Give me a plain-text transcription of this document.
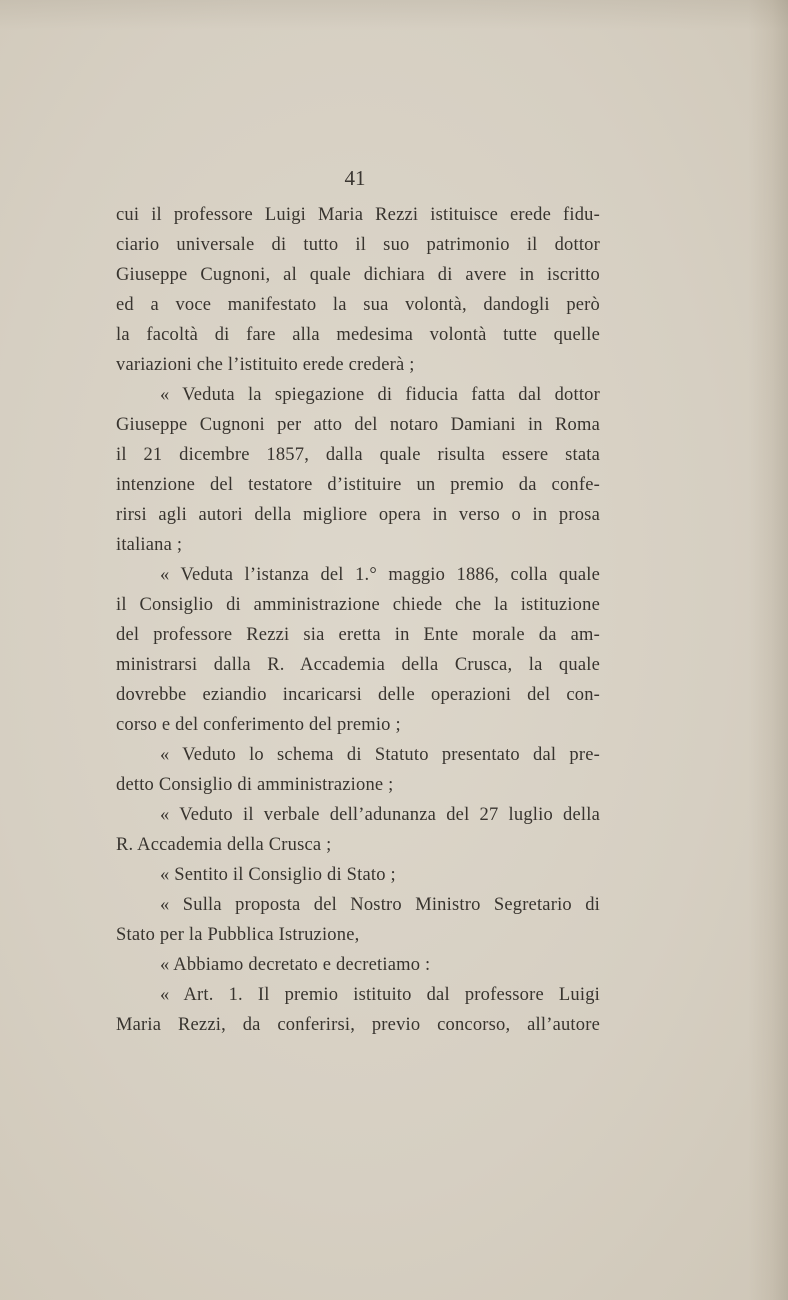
41
cui il professore Luigi Maria Rezzi istituisce erede fidu-
ciario universale di tutto il suo patrimonio il dottor
Giuseppe Cugnoni, al quale dichiara di avere in iscritto
ed a voce manifestato la sua volontà, dandogli però
la facoltà di fare alla medesima volontà tutte quelle
variazioni che l’istituito erede crederà ;
« Veduta la spiegazione di fiducia fatta dal dottor
Giuseppe Cugnoni per atto del notaro Damiani in Roma
il 21 dicembre 1857, dalla quale risulta essere stata
intenzione del testatore d’istituire un premio da confe-
rirsi agli autori della migliore opera in verso o in prosa
italiana ;
« Veduta l’istanza del 1.° maggio 1886, colla quale
il Consiglio di amministrazione chiede che la istituzione
del professore Rezzi sia eretta in Ente morale da am-
ministrarsi dalla R. Accademia della Crusca, la quale
dovrebbe eziandio incaricarsi delle operazioni del con-
corso e del conferimento del premio ;
« Veduto lo schema di Statuto presentato dal pre-
detto Consiglio di amministrazione ;
« Veduto il verbale dell’adunanza del 27 luglio della
R. Accademia della Crusca ;
« Sentito il Consiglio di Stato ;
« Sulla proposta del Nostro Ministro Segretario di
Stato per la Pubblica Istruzione,
« Abbiamo decretato e decretiamo :
« Art. 1. Il premio istituito dal professore Luigi
Maria Rezzi, da conferirsi, previo concorso, all’autore
